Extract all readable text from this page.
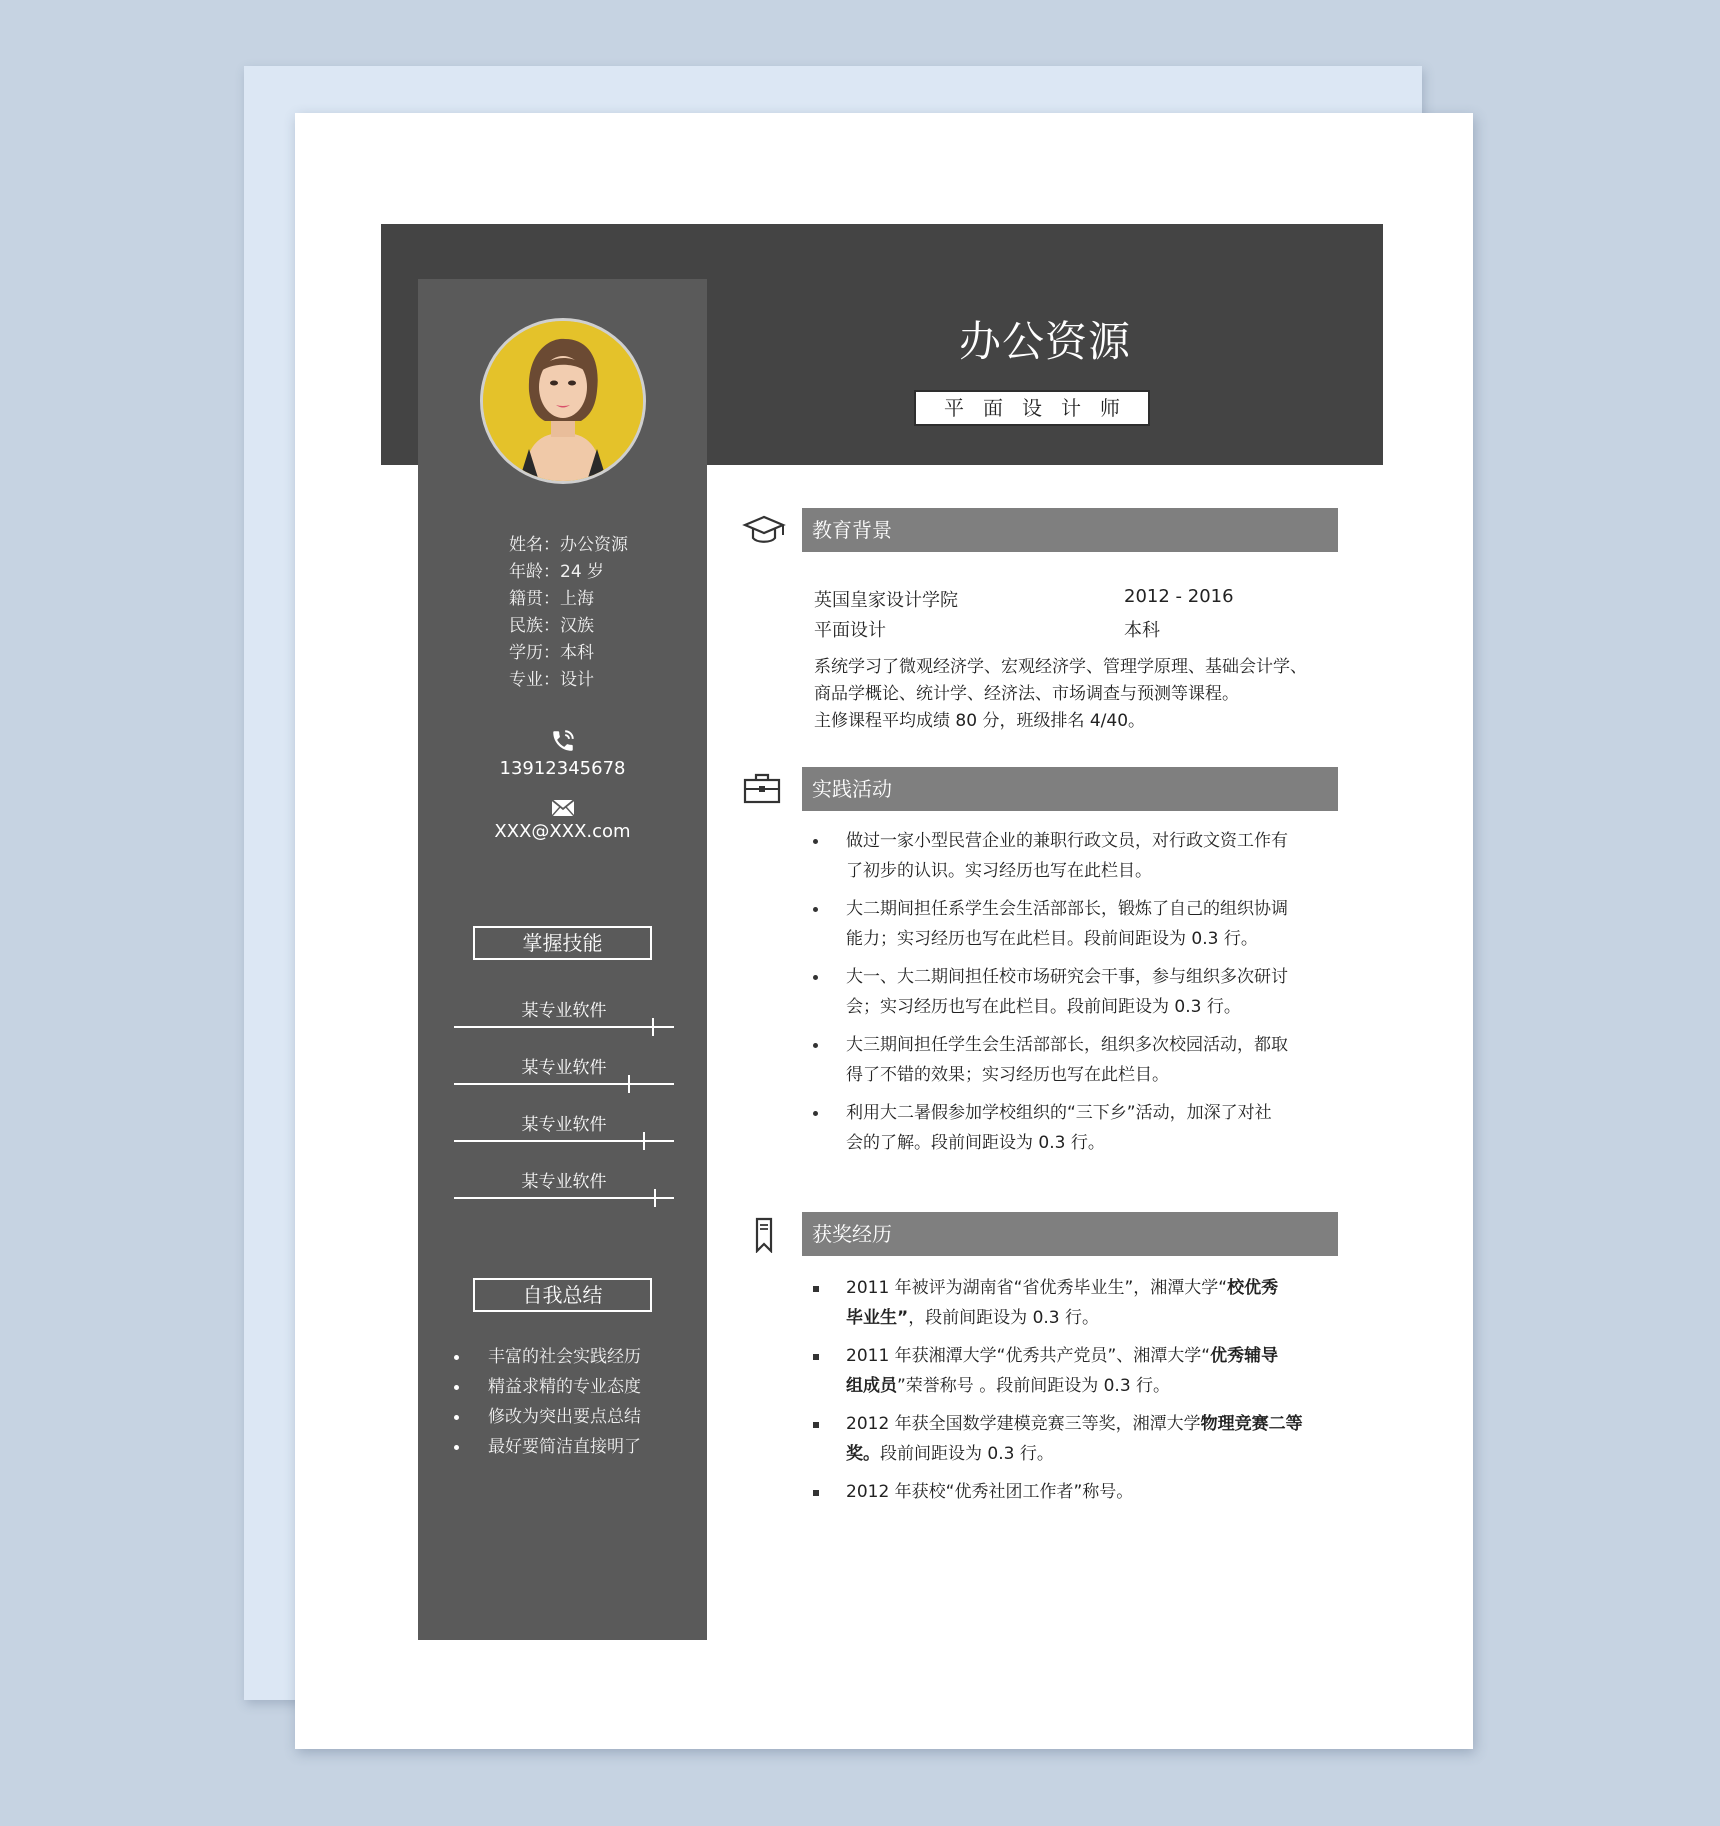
姓名：办公资源
年龄：24 岁
籍贯：上海
民族：汉族
学历：本科
专业：设计
13912345678
XXX@XXX.com
掌握技能
某专业软件
某专业软件
某专业软件
某专业软件
自我总结
丰富的社会实践经历
精益求精的专业态度
修改为突出要点总结
最好要简洁直接明了
办公资源
平面设计师
教育背景
英国皇家设计学院	2012 - 2016
平面设计	本科
系统学习了微观经济学、宏观经济学、管理学原理、基础会计学、
商品学概论、统计学、经济法、市场调查与预测等课程。
主修课程平均成绩 80 分，班级排名 4/40。
实践活动
做过一家小型民营企业的兼职行政文员，对行政文资工作有
了初步的认识。实习经历也写在此栏目。
大二期间担任系学生会生活部部长，锻炼了自己的组织协调
能力；实习经历也写在此栏目。段前间距设为 0.3 行。
大一、大二期间担任校市场研究会干事，参与组织多次研讨
会；实习经历也写在此栏目。段前间距设为 0.3 行。
大三期间担任学生会生活部部长，组织多次校园活动，都取
得了不错的效果；实习经历也写在此栏目。
利用大二暑假参加学校组织的“三下乡”活动，加深了对社
会的了解。段前间距设为 0.3 行。
获奖经历
2011 年被评为湖南省“省优秀毕业生”，湘潭大学“校优秀
毕业生”，段前间距设为 0.3 行。
2011 年获湘潭大学“优秀共产党员”、湘潭大学“优秀辅导
组成员”荣誉称号 。段前间距设为 0.3 行。
2012 年获全国数学建模竞赛三等奖，湘潭大学物理竞赛二等
奖。段前间距设为 0.3 行。
2012 年获校“优秀社团工作者”称号。
